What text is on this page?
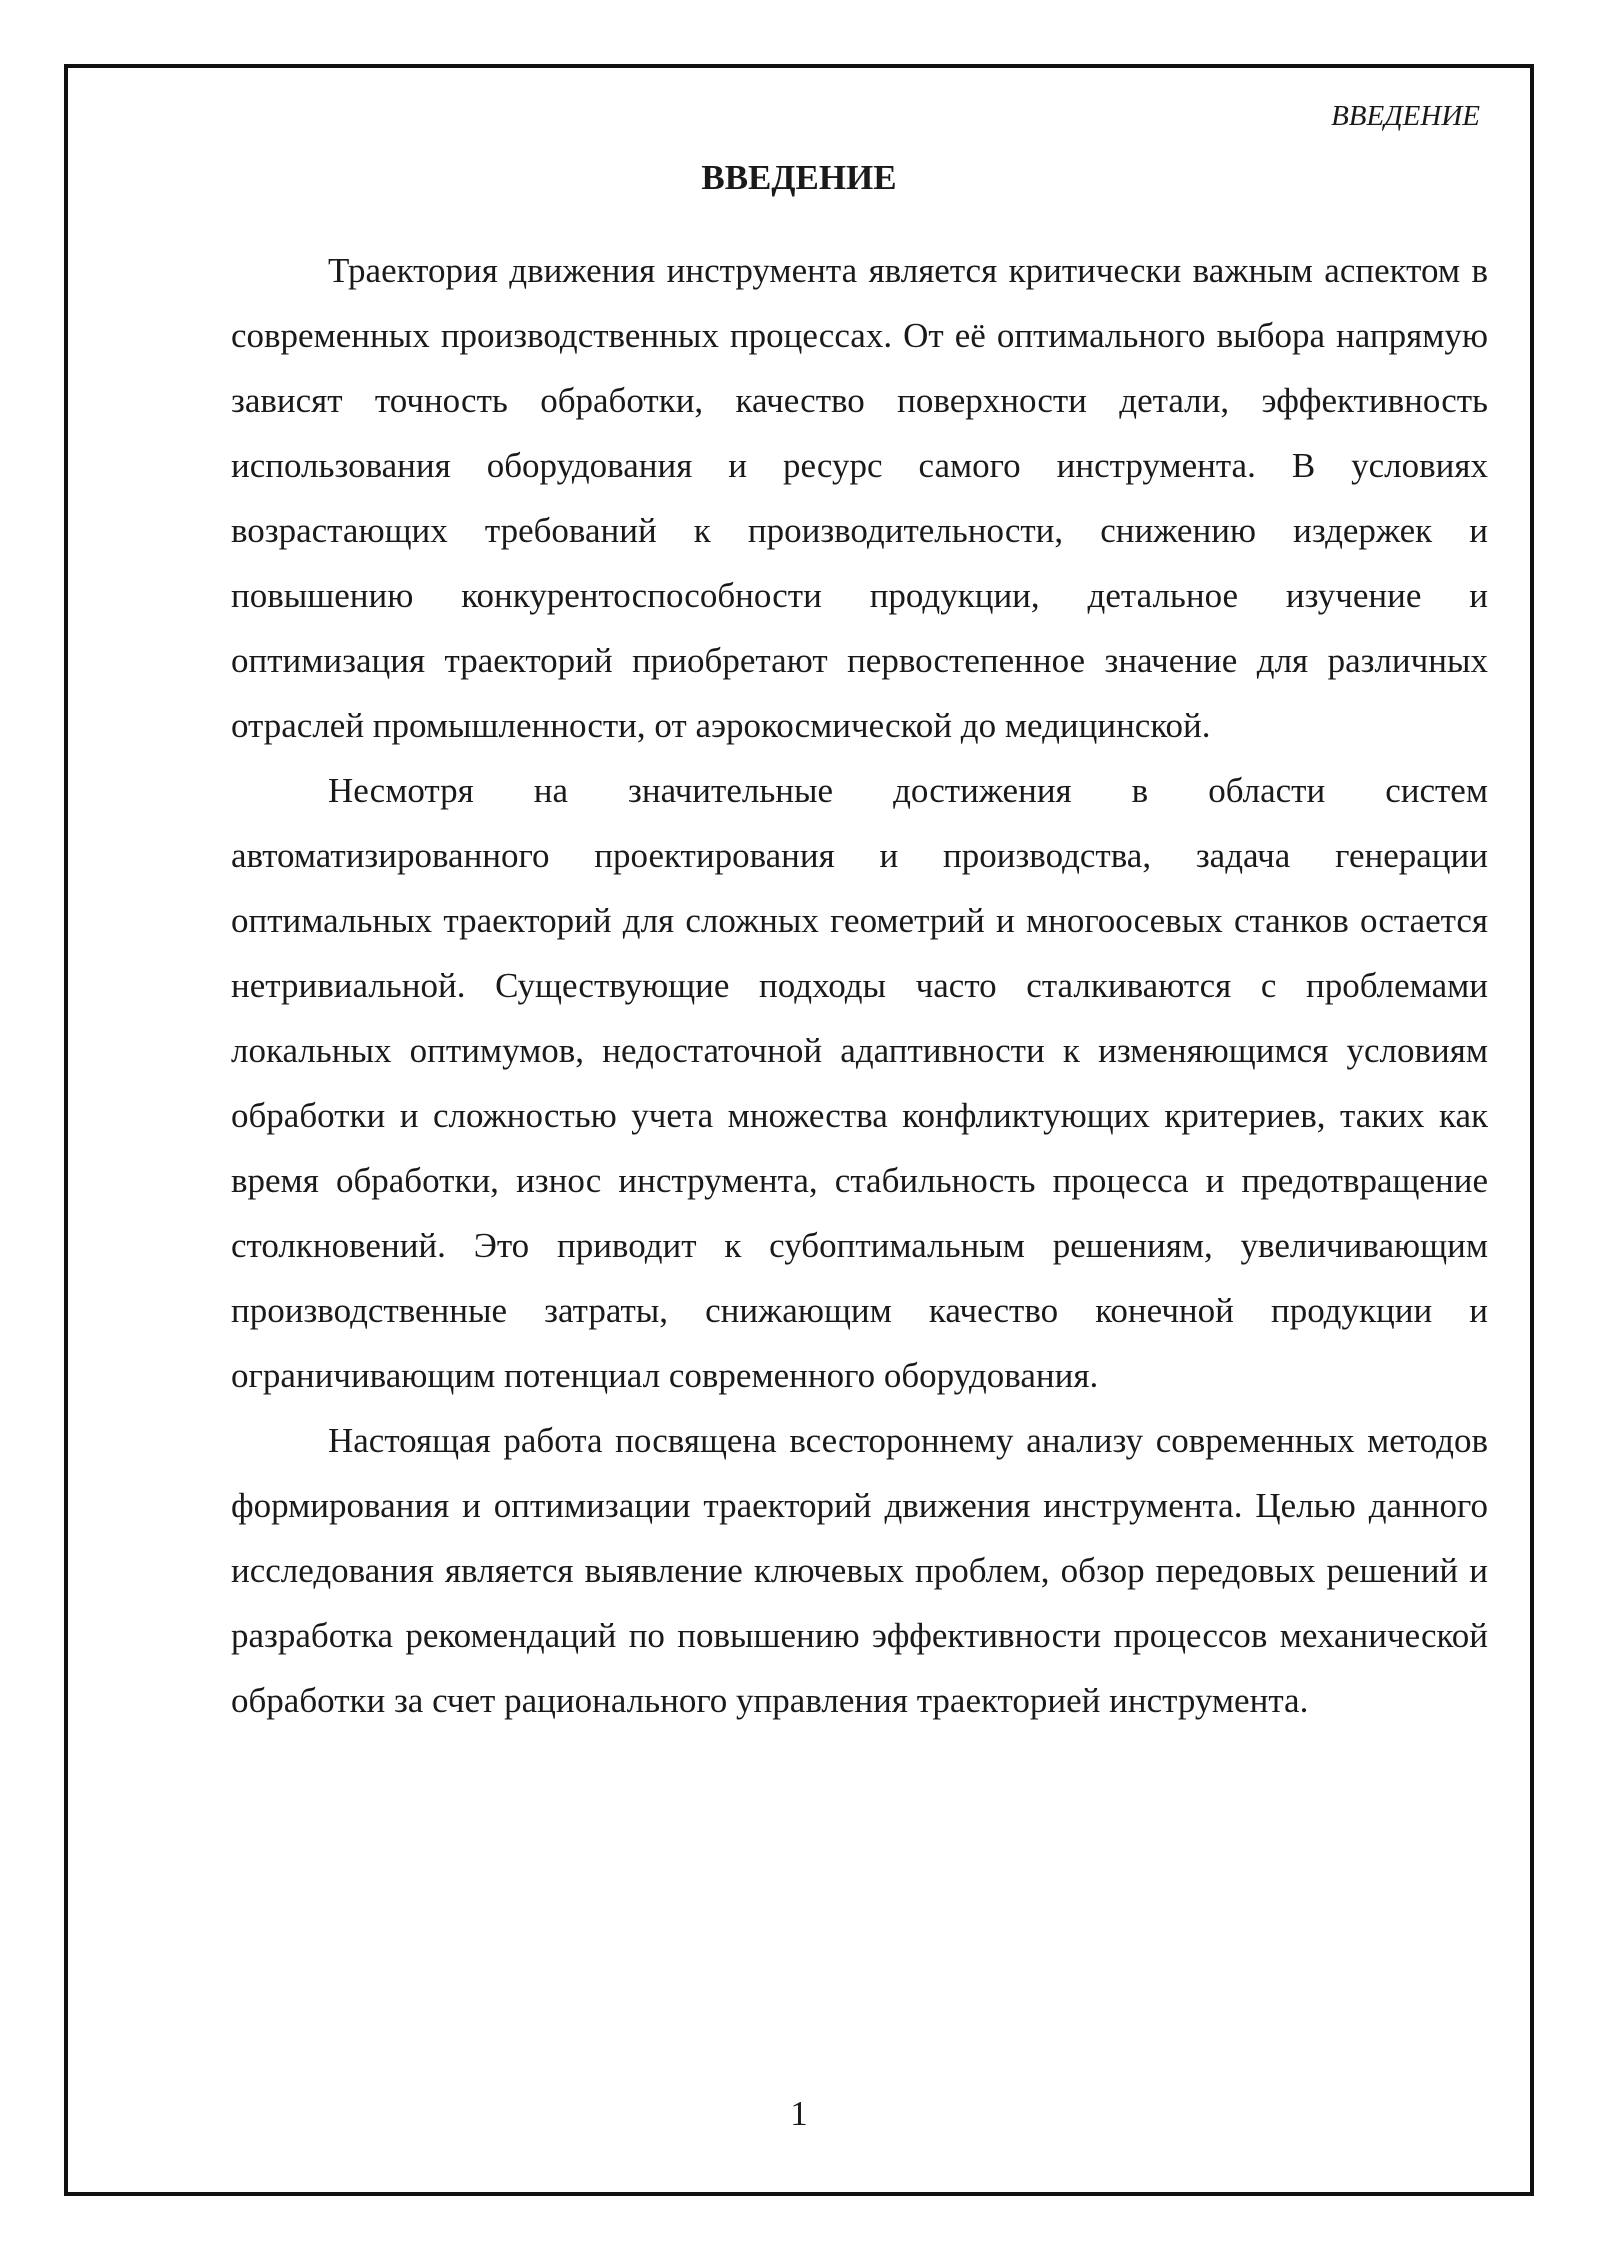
ВВЕДЕНИЕ
ВВЕДЕНИЕ

Траектория движения инструмента является критически важным аспектом в современных производственных процессах. От её оптимального выбора напрямую зависят точность обработки, качество поверхности детали, эффективность использования оборудования и ресурс самого инструмента. В условиях возрастающих требований к производительности, снижению издержек и повышению конкурентоспособности продукции, детальное изучение и оптимизация траекторий приобретают первостепенное значение для различных отраслей промышленности, от аэрокосмической до медицинской.

Несмотря на значительные достижения в области систем автоматизированного проектирования и производства, задача генерации оптимальных траекторий для сложных геометрий и многоосевых станков остается нетривиальной. Существующие подходы часто сталкиваются с проблемами локальных оптимумов, недостаточной адаптивности к изменяющимся условиям обработки и сложностью учета множества конфликтующих критериев, таких как время обработки, износ инструмента, стабильность процесса и предотвращение столкновений. Это приводит к субоптимальным решениям, увеличивающим производственные затраты, снижающим качество конечной продукции и ограничивающим потенциал современного оборудования.

Настоящая работа посвящена всестороннему анализу современных методов формирования и оптимизации траекторий движения инструмента. Целью данного исследования является выявление ключевых проблем, обзор передовых решений и разработка рекомендаций по повышению эффективности процессов механической обработки за счет рационального управления траекторией инструмента.

1
